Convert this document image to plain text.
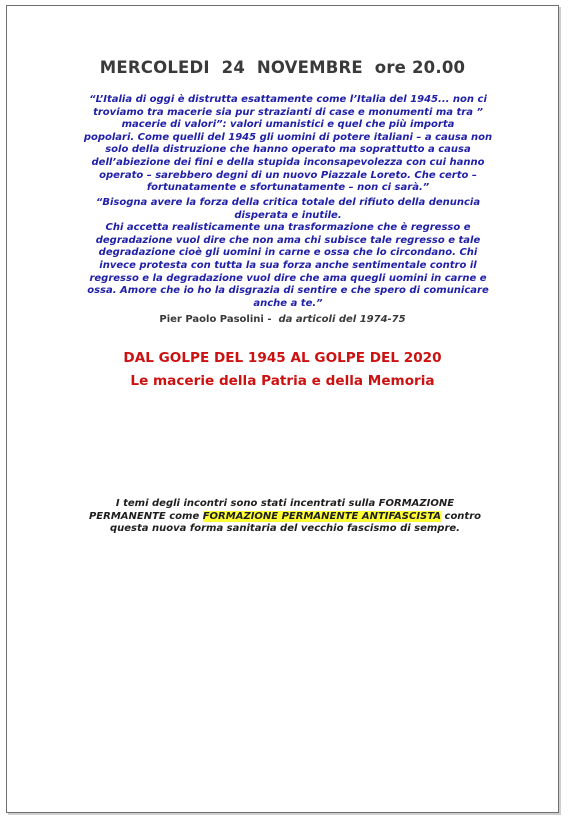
MERCOLEDI  24  NOVEMBRE  ore 20.00
“L’Italia di oggi è distrutta esattamente come l’Italia del 1945... non ci
troviamo tra macerie sia pur strazianti di case e monumenti ma tra ”
macerie di valori”: valori umanistici e quel che più importa
popolari. Come quelli del 1945 gli uomini di potere italiani – a causa non
solo della distruzione che hanno operato ma soprattutto a causa
dell’abiezione dei fini e della stupida inconsapevolezza con cui hanno
operato – sarebbero degni di un nuovo Piazzale Loreto. Che certo –
fortunatamente e sfortunatamente – non ci sarà.”
“Bisogna avere la forza della critica totale del rifiuto della denuncia
disperata e inutile.
Chi accetta realisticamente una trasformazione che è regresso e
degradazione vuol dire che non ama chi subisce tale regresso e tale
degradazione cioè gli uomini in carne e ossa che lo circondano. Chi
invece protesta con tutta la sua forza anche sentimentale contro il
regresso e la degradazione vuol dire che ama quegli uomini in carne e
ossa. Amore che io ho la disgrazia di sentire e che spero di comunicare
anche a te.”
Pier Paolo Pasolini -  da articoli del 1974-75
DAL GOLPE DEL 1945 AL GOLPE DEL 2020
Le macerie della Patria e della Memoria
I temi degli incontri sono stati incentrati sulla FORMAZIONE
PERMANENTE come FORMAZIONE PERMANENTE ANTIFASCISTA contro
questa nuova forma sanitaria del vecchio fascismo di sempre.
